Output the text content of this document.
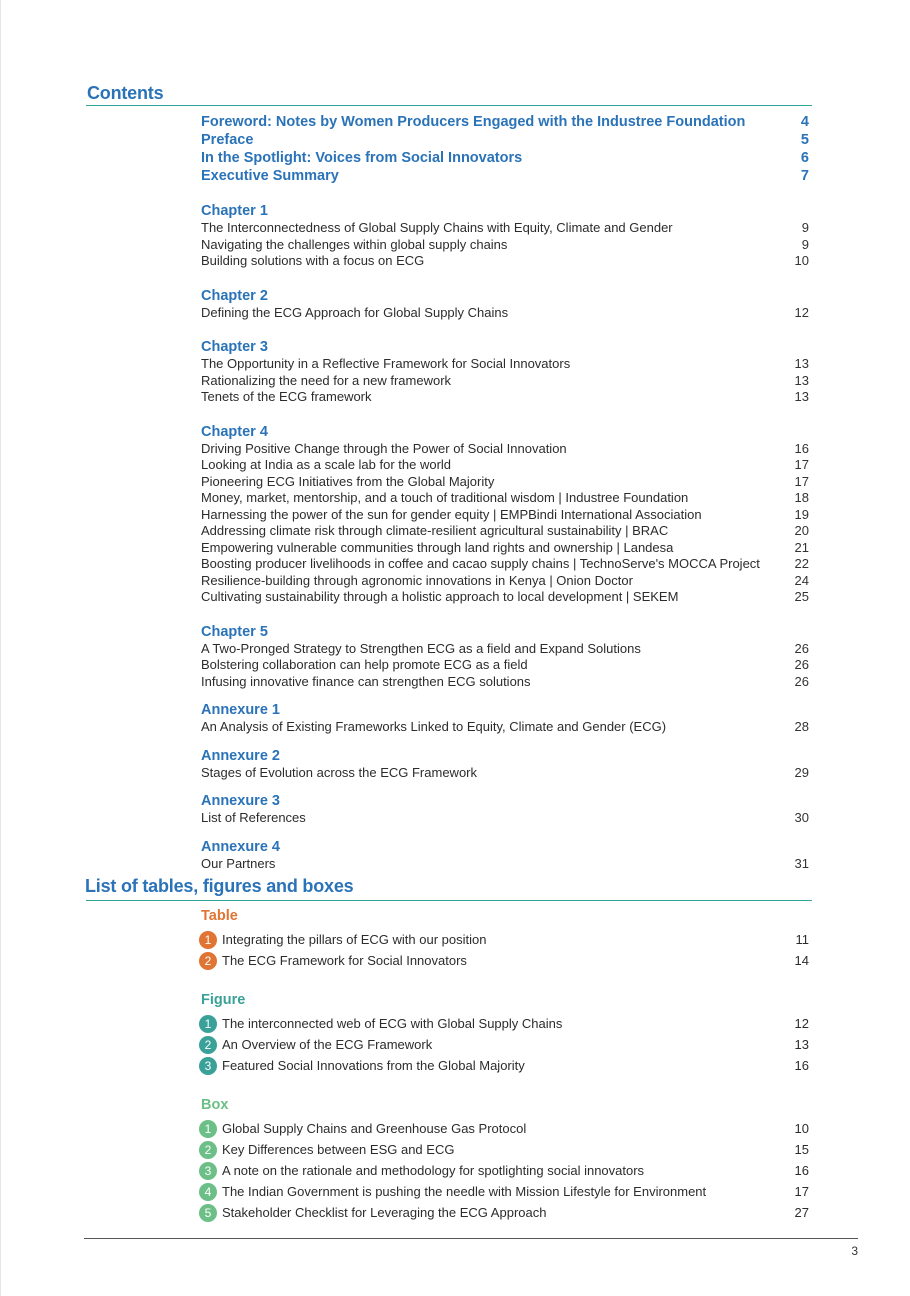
Contents
Foreword: Notes by Women Producers Engaged with the Industree Foundation	4
Preface	5
In the Spotlight: Voices from Social Innovators	6
Executive Summary	7
Chapter 1
The Interconnectedness of Global Supply Chains with Equity, Climate and Gender	9
Navigating the challenges within global supply chains	9
Building solutions with a focus on ECG	10
Chapter 2
Defining the ECG Approach for Global Supply Chains	12
Chapter 3
The Opportunity in a Reflective Framework for Social Innovators	13
Rationalizing the need for a new framework	13
Tenets of the ECG framework	13
Chapter 4
Driving Positive Change through the Power of Social Innovation	16
Looking at India as a scale lab for the world	17
Pioneering ECG Initiatives from the Global Majority	17
Money, market, mentorship, and a touch of traditional wisdom | Industree Foundation	18
Harnessing the power of the sun for gender equity | EMPBindi International Association	19
Addressing climate risk through climate-resilient agricultural sustainability | BRAC	20
Empowering vulnerable communities through land rights and ownership | Landesa	21
Boosting producer livelihoods in coffee and cacao supply chains | TechnoServe's MOCCA Project	22
Resilience-building through agronomic innovations in Kenya | Onion Doctor	24
Cultivating sustainability through a holistic approach to local development | SEKEM	25
Chapter 5
A Two-Pronged Strategy to Strengthen ECG as a field and Expand Solutions	26
Bolstering collaboration can help promote ECG as a field	26
Infusing innovative finance can strengthen ECG solutions	26
Annexure 1
An Analysis of Existing Frameworks Linked to Equity, Climate and Gender (ECG)	28
Annexure 2
Stages of Evolution across the ECG Framework	29
Annexure 3
List of References	30
Annexure 4
Our Partners	31
List of tables, figures and boxes
Table
1 Integrating the pillars of ECG with our position	11
2 The ECG Framework for Social Innovators	14
Figure
1 The interconnected web of ECG with Global Supply Chains	12
2 An Overview of the ECG Framework	13
3 Featured Social Innovations from the Global Majority	16
Box
1 Global Supply Chains and Greenhouse Gas Protocol	10
2 Key Differences between ESG and ECG	15
3 A note on the rationale and methodology for spotlighting social innovators	16
4 The Indian Government is pushing the needle with Mission Lifestyle for Environment	17
5 Stakeholder Checklist for Leveraging the ECG Approach	27
3
